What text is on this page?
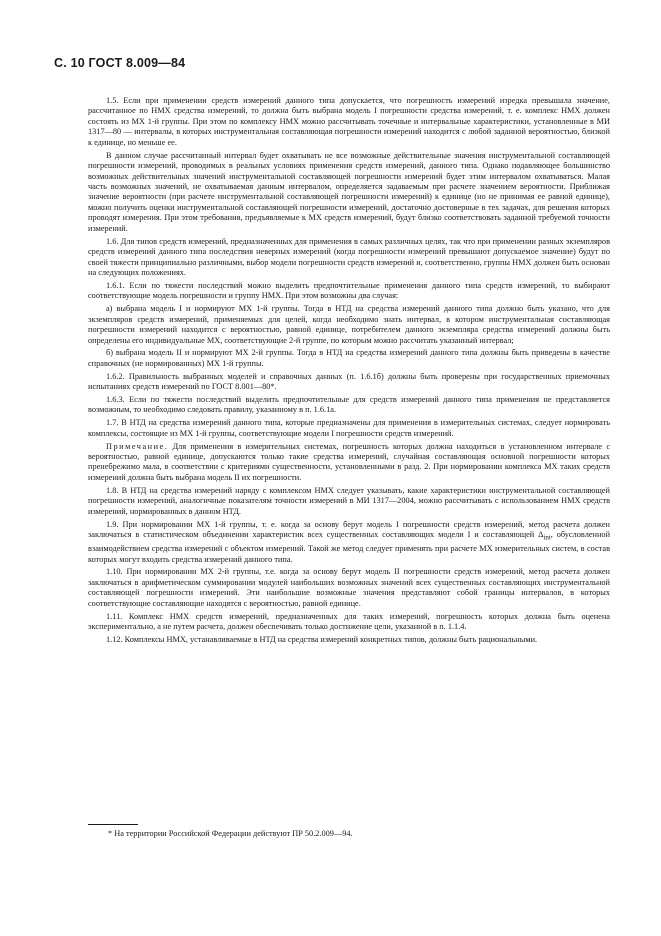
С. 10 ГОСТ 8.009—84

1.5. Если при применении средств измерений данного типа допускается, что погрешность измерений изредка превышала значение, рассчитанное по НМХ средства измерений, то должна быть выбрана модель I погрешности средства измерений, т. е. комплекс НМХ должен состоять из МХ 1-й группы. При этом по комплексу НМХ можно рассчитывать точечные и интервальные характеристики, установленные в МИ 1317—80 — интервалы, в которых инструментальная составляющая погрешности измерений находится с любой заданной вероятностью, близкой к единице, но меньше ее.

В данном случае рассчитанный интервал будет охватывать не все возможные действительные значения инструментальной составляющей погрешности измерений, проводимых в реальных условиях применения средств измерений, данного типа. Однако подавляющее большинство возможных действительных значений инструментальной составляющей погрешности измерений будет этим интервалом охватываться. Малая часть возможных значений, не охватываемая данным интервалом, определяется задаваемым при расчете значением вероятности. Приближая значение вероятности (при расчете инструментальной составляющей погрешности измерений) к единице (но не принимая ее равной единице), можно получить оценки инструментальной составляющей погрешности измерений, достаточно достоверные в тех задачах, для решения которых проводят измерения. При этом требования, предъявляемые к МХ средств измерений, будут близко соответствовать заданной требуемой точности измерений.

1.6. Для типов средств измерений, предназначенных для применения в самых различных целях, так что при применении разных экземпляров средств измерений данного типа последствия неверных измерений (когда погрешности измерений превышают допускаемое значение) будут по своей тяжести принципиально различными, выбор модели погрешности средств измерений и, соответственно, группы НМХ должен быть основан на следующих положениях.

1.6.1. Если по тяжести последствий можно выделить предпочтительные применения данного типа средств измерений, то выбирают соответствующие модель погрешности и группу НМХ. При этом возможны два случая:

а) выбрана модель I и нормируют МХ 1-й группы. Тогда в НТД на средства измерений данного типа должно быть указано, что для экземпляров средств измерений, применяемых для целей, когда необходимо знать интервал, в котором инструментальная составляющая погрешности измерений находится с вероятностью, равной единице, потребителем данного экземпляра средства измерений должны быть определены его индивидуальные МХ, соответствующие 2-й группе, по которым можно рассчитать указанный интервал;

б) выбрана модель II и нормируют МХ 2-й группы. Тогда в НТД на средства измерений данного типа должны быть приведены в качестве справочных (не нормированных) МХ 1-й группы.

1.6.2. Правильность выбранных моделей и справочных данных (п. 1.6.1б) должны быть проверены при государственных приемочных испытаниях средств измерений по ГОСТ 8.001—80*.

1.6.3. Если по тяжести последствий выделить предпочтительные для средств измерений данного типа применения не представляется возможным, то необходимо следовать правилу, указанному в п. 1.6.1а.

1.7. В НТД на средства измерений данного типа, которые предназначены для применения в измерительных системах, следует нормировать комплексы, состоящие из МХ 1-й группы, соответствующие модели I погрешности средств измерений.

Примечание. Для применения в измерительных системах, погрешность которых должна находиться в установленном интервале с вероятностью, равной единице, допускаются только такие средства измерений, случайная составляющая основной погрешности которых пренебрежимо мала, в соответствии с критериями существенности, установленными в разд. 2. При нормировании комплекса МХ таких средств измерений должна быть выбрана модель II их погрешности.

1.8. В НТД на средства измерений наряду с комплексом НМХ следует указывать, какие характеристики инструментальной составляющей погрешности измерений, аналогичные показателям точности измерений в МИ 1317—2004, можно рассчитывать с использованием НМХ средств измерений, нормированных в данном НТД.

1.9. При нормировании МХ 1-й группы, т. е. когда за основу берут модель I погрешности средств измерений, метод расчета должен заключаться в статистическом объединении характеристик всех существенных составляющих модели I и составляющей $\Delta_{int}$, обусловленной взаимодействием средства измерений с объектом измерений. Такой же метод следует применять при расчете МХ измерительных систем, в состав которых могут входить средства измерений данного типа.

1.10. При нормировании МХ 2-й группы, т.е. когда за основу берут модель II погрешности средств измерений, метод расчета должен заключаться в арифметическом суммировании модулей наибольших возможных значений всех существенных составляющих инструментальной составляющей погрешности измерений. Эти наибольшие возможные значения представляют собой границы интервалов, в которых соответствующие составляющие находятся с вероятностью, равной единице.

1.11. Комплекс НМХ средств измерений, предназначенных для таких измерений, погрешность которых должна быть оценена экспериментально, а не путем расчета, должен обеспечивать только достижение цели, указанной в п. 1.1.4.

1.12. Комплексы НМХ, устанавливаемые в НТД на средства измерений конкретных типов, должны быть рациональными.

* На территории Российской Федерации действуют ПР 50.2.009—94.
